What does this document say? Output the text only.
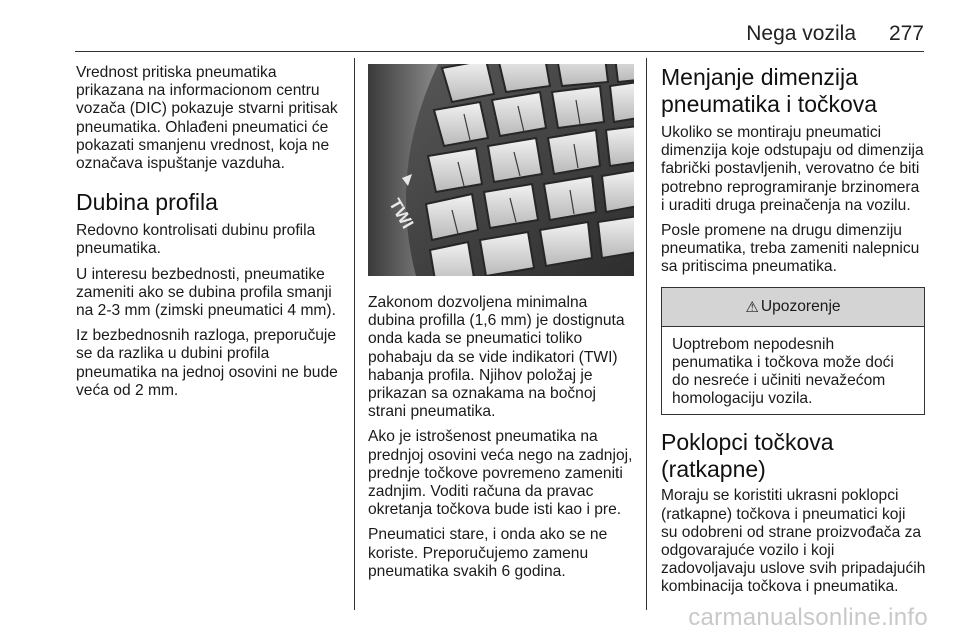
Nega vozila 277

Vrednost pritiska pneumatika prikazana na informacionom centru vozača (DIC) pokazuje stvarni pritisak pneumatika. Ohlađeni pneumatici će pokazati smanjenu vrednost, koja ne označava ispuštanje vazduha.

Dubina profila

Redovno kontrolisati dubinu profila pneumatika.

U interesu bezbednosti, pneumatike zameniti ako se dubina profila smanji na 2-3 mm (zimski pneumatici 4 mm).

Iz bezbednosnih razloga, preporučuje se da razlika u dubini profila pneumatika na jednoj osovini ne bude veća od 2 mm.

TWI

Zakonom dozvoljena minimalna dubina profilla (1,6 mm) je dostignuta onda kada se pneumatici toliko pohabaju da se vide indikatori (TWI) habanja profila. Njihov položaj je prikazan sa oznakama na bočnoj strani pneumatika.

Ako je istrošenost pneumatika na prednjoj osovini veća nego na zadnjoj, prednje točkove povremeno zameniti zadnjim. Voditi računa da pravac okretanja točkova bude isti kao i pre.

Pneumatici stare, i onda ako se ne koriste. Preporučujemo zamenu pneumatika svakih 6 godina.

Menjanje dimenzija pneumatika i točkova

Ukoliko se montiraju pneumatici dimenzija koje odstupaju od dimenzija fabrički postavljenih, verovatno će biti potrebno reprogramiranje brzinomera i uraditi druga preinačenja na vozilu.

Posle promene na drugu dimenziju pneumatika, treba zameniti nalepnicu sa pritiscima pneumatika.

⚠ Upozorenje

Uoptrebom nepodesnih penumatika i točkova može doći do nesreće i učiniti nevažećom homologaciju vozila.

Poklopci točkova (ratkapne)

Moraju se koristiti ukrasni poklopci (ratkapne) točkova i pneumatici koji su odobreni od strane proizvođača za odgovarajuće vozilo i koji zadovoljavaju uslove svih pripadajućih kombinacija točkova i pneumatika.

carmanualsonline.info
